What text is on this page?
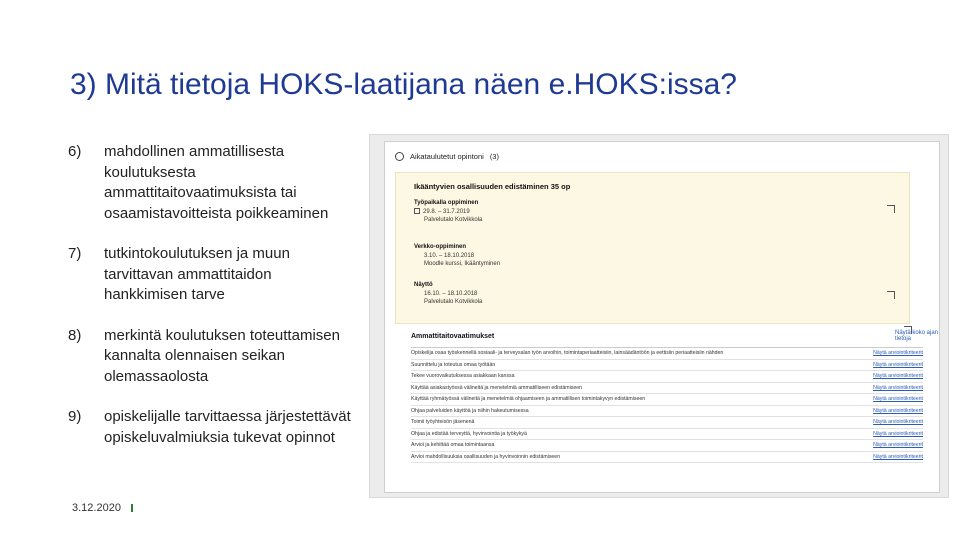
3) Mitä tietoja HOKS-laatijana näen e.HOKS:issa?
6)	mahdollinen ammatillisesta koulutuksesta ammattitaitovaatimuksista tai osaamistavoitteista poikkeaminen
7)	tutkintokoulutuksen ja muun tarvittavan ammattitaidon hankkimisen tarve
8)	merkintä koulutuksen toteuttamisen kannalta olennaisen seikan olemassaolosta
9)	opiskelijalle tarvittaessa järjestettävät opiskeluvalmiuksia tukevat opinnot
3.12.2020
Aikataulutetut opintoni (3)
Ikääntyvien osallisuuden edistäminen 35 op
Työpaikalla oppiminen
29.8. – 31.7.2019
Palvelutalo Kotvikkola
Verkko-oppiminen
3.10. – 18.10.2018
Moodle kurssi, Ikääntyminen
Näyttö
16.10. – 18.10.2018
Palvelutalo Kotvikkola
Ammattitaitovaatimukset	Näytä koko ajan tietoja
Opiskelija osaa työskennellä sosiaali- ja terveysalan työn arvoihin, toimintaperiaatteisiin, lainsäädäntöön ja eettisiin periaatteisiin nähden	Näytä arviointikriteerit
Suunnittelu ja toteutus omaa työtään	Näytä arviointikriteerit
Tekee vuorovaikutuksessa asiakkaan kanssa	Näytä arviointikriteerit
Käyttää asiakastyössä välineitä ja menetelmiä ammatilliseen edistämiseen	Näytä arviointikriteerit
Käyttää ryhmätyössä välineitä ja menetelmiä ohjaamiseen ja ammatillisen toimintakyvyn edistämiseen	Näytä arviointikriteerit
Ohjaa palveluiden käyttöä ja niihin hakeutumisessa	Näytä arviointikriteerit
Toimii työyhteisön jäsenenä	Näytä arviointikriteerit
Ohjaa ja edistää terveyttä, hyvinvointia ja työkykyä	Näytä arviointikriteerit
Arvioi ja kehittää omaa toimintaansa	Näytä arviointikriteerit
Arvioi mahdollisuuksia osallisuuden ja hyvinvoinnin edistämiseen	Näytä arviointikriteerit
